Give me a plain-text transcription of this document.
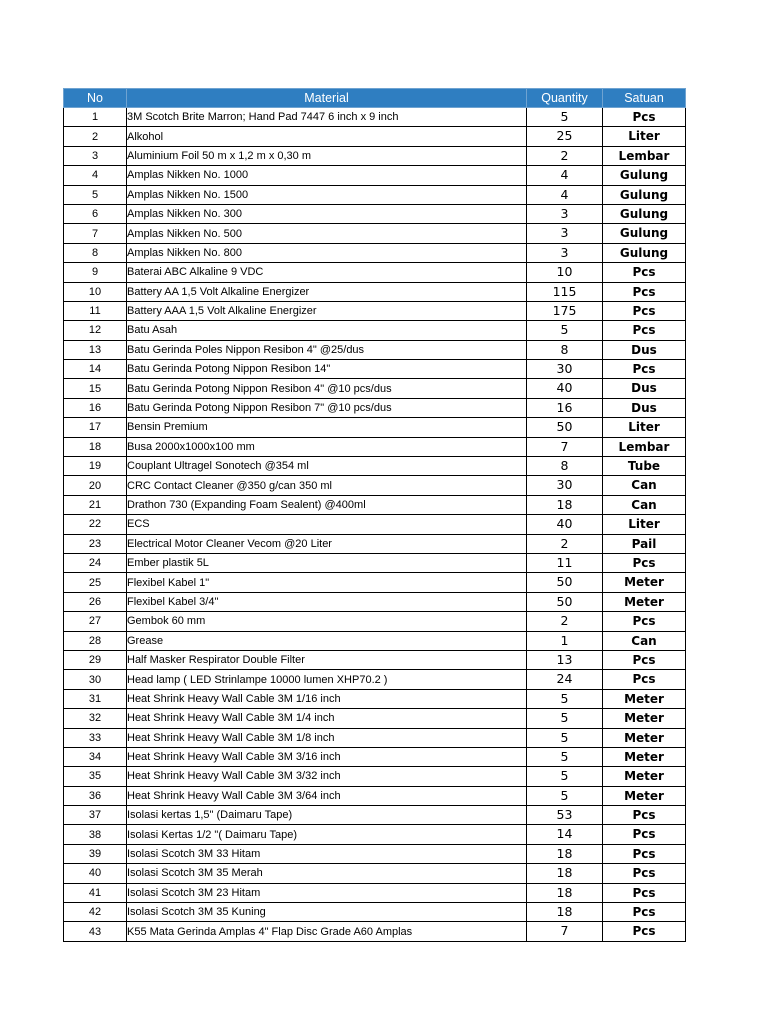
No	Material	Quantity	Satuan
1	3M Scotch Brite Marron; Hand Pad 7447 6 inch x 9 inch	5	Pcs
2	Alkohol	25	Liter
3	Aluminium Foil 50 m x 1,2 m x 0,30 m	2	Lembar
4	Amplas Nikken No. 1000	4	Gulung
5	Amplas Nikken No. 1500	4	Gulung
6	Amplas Nikken No. 300	3	Gulung
7	Amplas Nikken No. 500	3	Gulung
8	Amplas Nikken No. 800	3	Gulung
9	Baterai ABC Alkaline 9 VDC	10	Pcs
10	Battery AA 1,5 Volt Alkaline Energizer	115	Pcs
11	Battery AAA 1,5 Volt Alkaline Energizer	175	Pcs
12	Batu Asah	5	Pcs
13	Batu Gerinda Poles Nippon Resibon 4" @25/dus	8	Dus
14	Batu Gerinda Potong Nippon Resibon 14"	30	Pcs
15	Batu Gerinda Potong Nippon Resibon 4" @10 pcs/dus	40	Dus
16	Batu Gerinda Potong Nippon Resibon 7" @10 pcs/dus	16	Dus
17	Bensin Premium	50	Liter
18	Busa 2000x1000x100 mm	7	Lembar
19	Couplant Ultragel Sonotech @354 ml	8	Tube
20	CRC Contact Cleaner @350 g/can 350 ml	30	Can
21	Drathon 730 (Expanding Foam Sealent) @400ml	18	Can
22	ECS	40	Liter
23	Electrical Motor Cleaner Vecom @20 Liter	2	Pail
24	Ember plastik 5L	11	Pcs
25	Flexibel Kabel 1"	50	Meter
26	Flexibel Kabel 3/4"	50	Meter
27	Gembok 60 mm	2	Pcs
28	Grease	1	Can
29	Half Masker Respirator Double Filter	13	Pcs
30	Head lamp ( LED Strinlampe 10000 lumen XHP70.2 )	24	Pcs
31	Heat Shrink Heavy Wall Cable 3M 1/16 inch	5	Meter
32	Heat Shrink Heavy Wall Cable 3M 1/4 inch	5	Meter
33	Heat Shrink Heavy Wall Cable 3M 1/8 inch	5	Meter
34	Heat Shrink Heavy Wall Cable 3M 3/16 inch	5	Meter
35	Heat Shrink Heavy Wall Cable 3M 3/32 inch	5	Meter
36	Heat Shrink Heavy Wall Cable 3M 3/64 inch	5	Meter
37	Isolasi kertas 1,5" (Daimaru Tape)	53	Pcs
38	Isolasi Kertas 1/2 "( Daimaru Tape)	14	Pcs
39	Isolasi Scotch 3M 33 Hitam	18	Pcs
40	Isolasi Scotch 3M 35 Merah	18	Pcs
41	Isolasi Scotch 3M 23 Hitam	18	Pcs
42	Isolasi Scotch 3M 35 Kuning	18	Pcs
43	K55 Mata Gerinda Amplas 4" Flap Disc Grade A60 Amplas	7	Pcs
